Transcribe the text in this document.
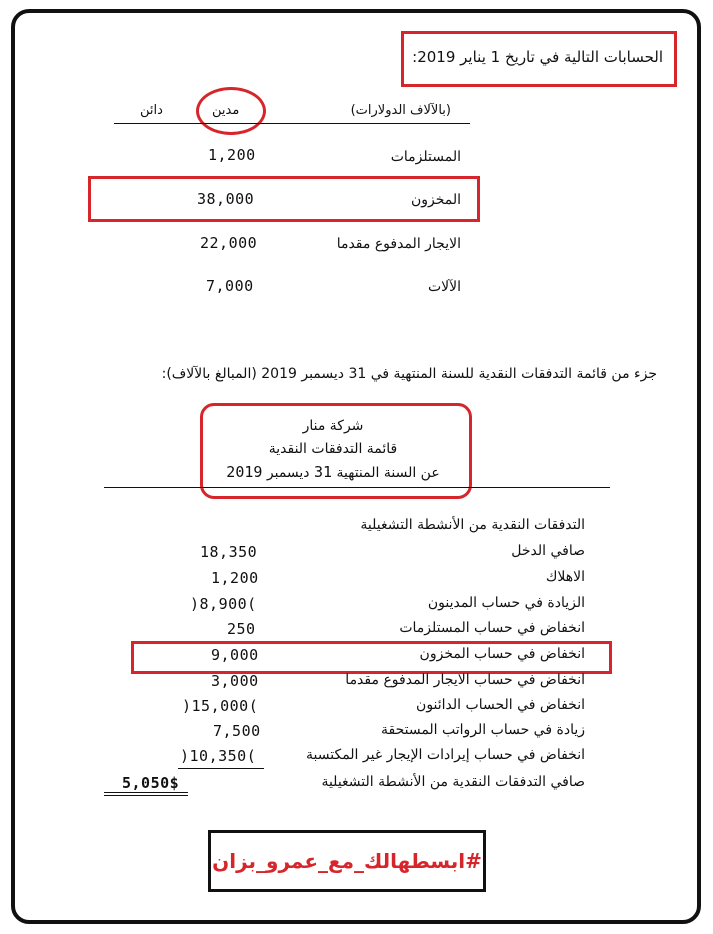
الحسابات التالية في تاريخ 1 يناير 2019:
(بالآلاف الدولارات)
مدين
دائن
المستلزمات
1,200
المخزون
38,000
الايجار المدفوع مقدما
22,000
الآلات
7,000
جزء من قائمة التدفقات النقدية للسنة المنتهية في 31 ديسمبر 2019 (المبالغ بالآلاف):
شركة منار
قائمة التدفقات النقدية
عن السنة المنتهية 31 ديسمبر 2019
التدفقات النقدية من الأنشطة التشغيلية
صافي الدخل
18,350
الاهلاك
1,200
الزيادة في حساب المدينون
)8,900(
انخفاض في حساب المستلزمات
250
انخفاض في حساب المخزون
9,000
انخفاض في حساب الايجار المدفوع مقدما
3,000
انخفاض في الحساب الدائنون
)15,000(
زيادة في حساب الرواتب المستحقة
7,500
انخفاض في حساب إيرادات الإيجار غير المكتسبة
)10,350(
صافي التدفقات النقدية من الأنشطة التشغيلية
5,050$
#ابسطهالك_مع_عمرو_بزان
